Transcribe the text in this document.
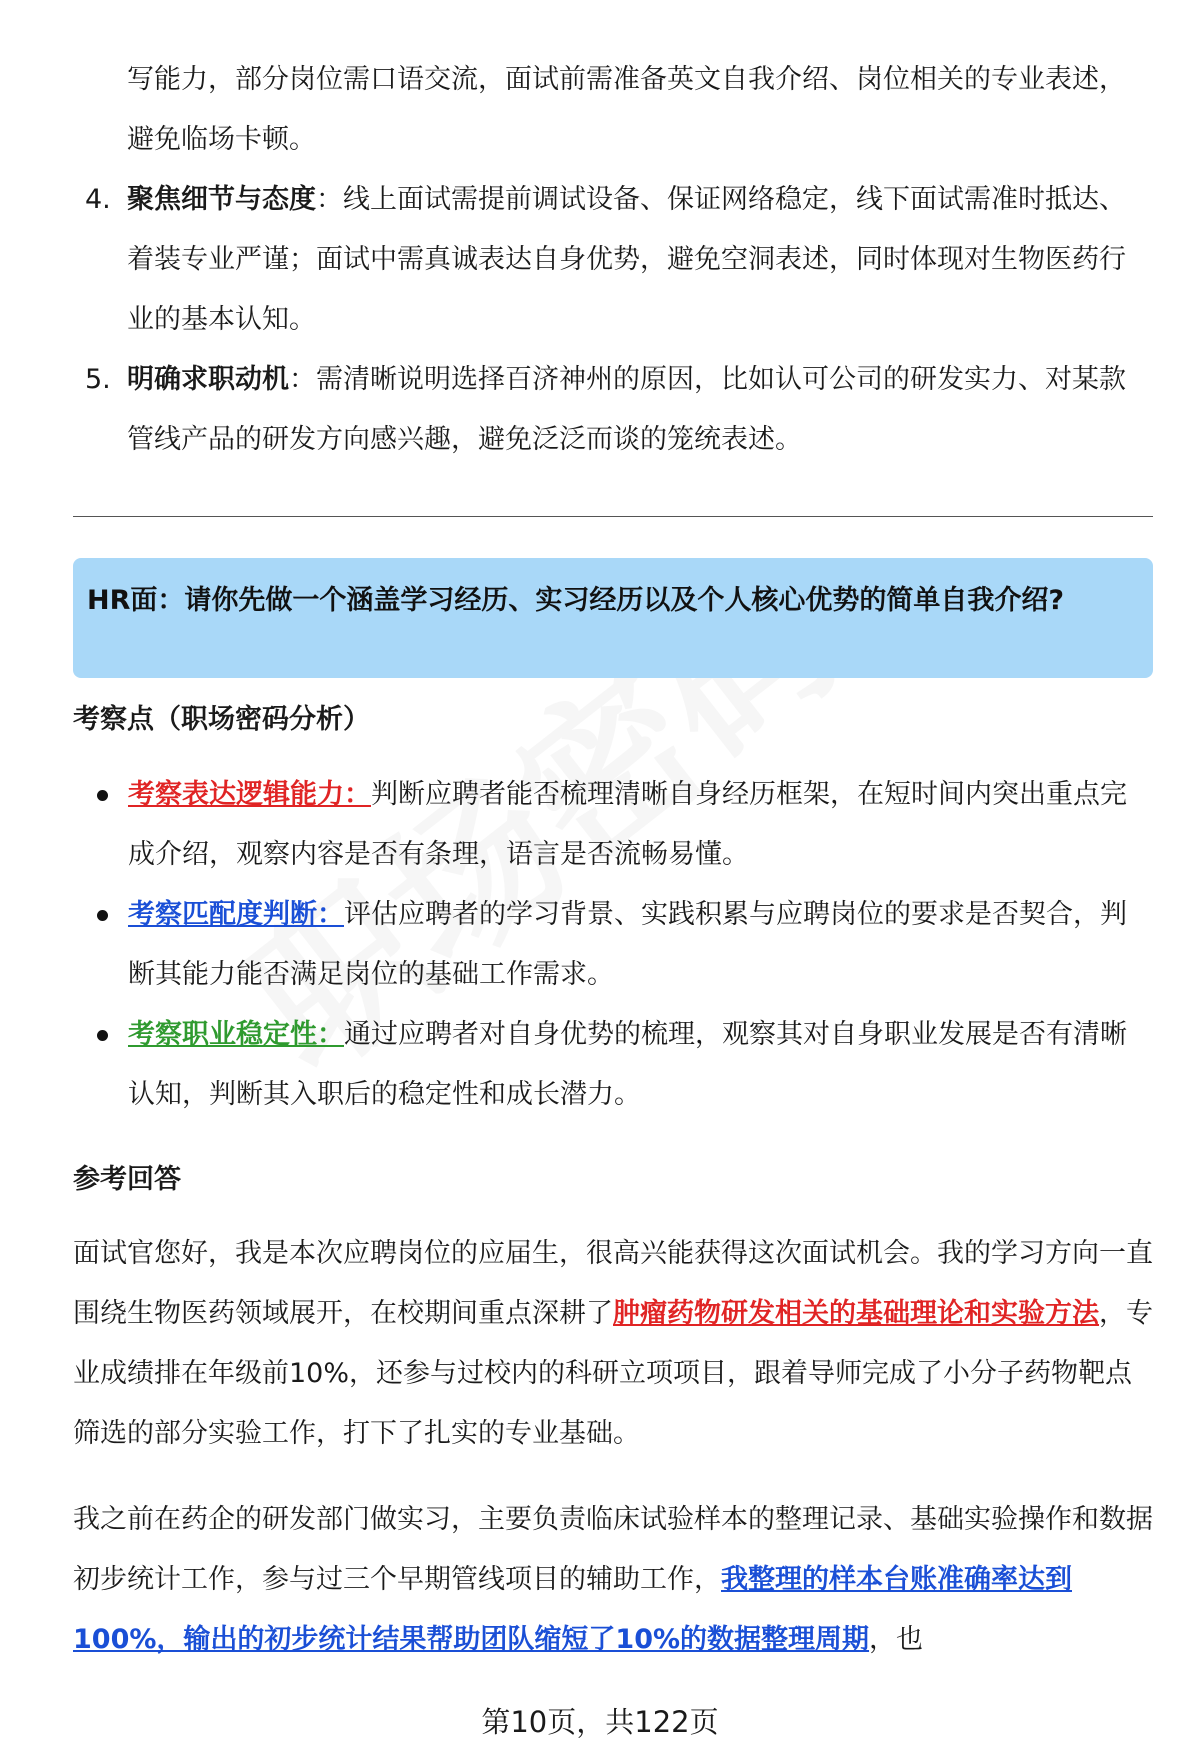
写能力，部分岗位需口语交流，面试前需准备英文自我介绍、岗位相关的专业表述，避免临场卡顿。
4. 聚焦细节与态度：线上面试需提前调试设备、保证网络稳定，线下面试需准时抵达、着装专业严谨；面试中需真诚表达自身优势，避免空洞表述，同时体现对生物医药行业的基本认知。
5. 明确求职动机：需清晰说明选择百济神州的原因，比如认可公司的研发实力、对某款管线产品的研发方向感兴趣，避免泛泛而谈的笼统表述。
HR面：请你先做一个涵盖学习经历、实习经历以及个人核心优势的简单自我介绍?
考察点（职场密码分析）
考察表达逻辑能力：判断应聘者能否梳理清晰自身经历框架，在短时间内突出重点完成介绍，观察内容是否有条理，语言是否流畅易懂。
考察匹配度判断：评估应聘者的学习背景、实践积累与应聘岗位的要求是否契合，判断其能力能否满足岗位的基础工作需求。
考察职业稳定性：通过应聘者对自身优势的梳理，观察其对自身职业发展是否有清晰认知，判断其入职后的稳定性和成长潜力。
参考回答
面试官您好，我是本次应聘岗位的应届生，很高兴能获得这次面试机会。我的学习方向一直围绕生物医药领域展开，在校期间重点深耕了肿瘤药物研发相关的基础理论和实验方法，专业成绩排在年级前10%，还参与过校内的科研立项项目，跟着导师完成了小分子药物靶点筛选的部分实验工作，打下了扎实的专业基础。
我之前在药企的研发部门做实习，主要负责临床试验样本的整理记录、基础实验操作和数据初步统计工作，参与过三个早期管线项目的辅助工作，我整理的样本台账准确率达到100%，输出的初步统计结果帮助团队缩短了10%的数据整理周期，也
第10页，共122页
